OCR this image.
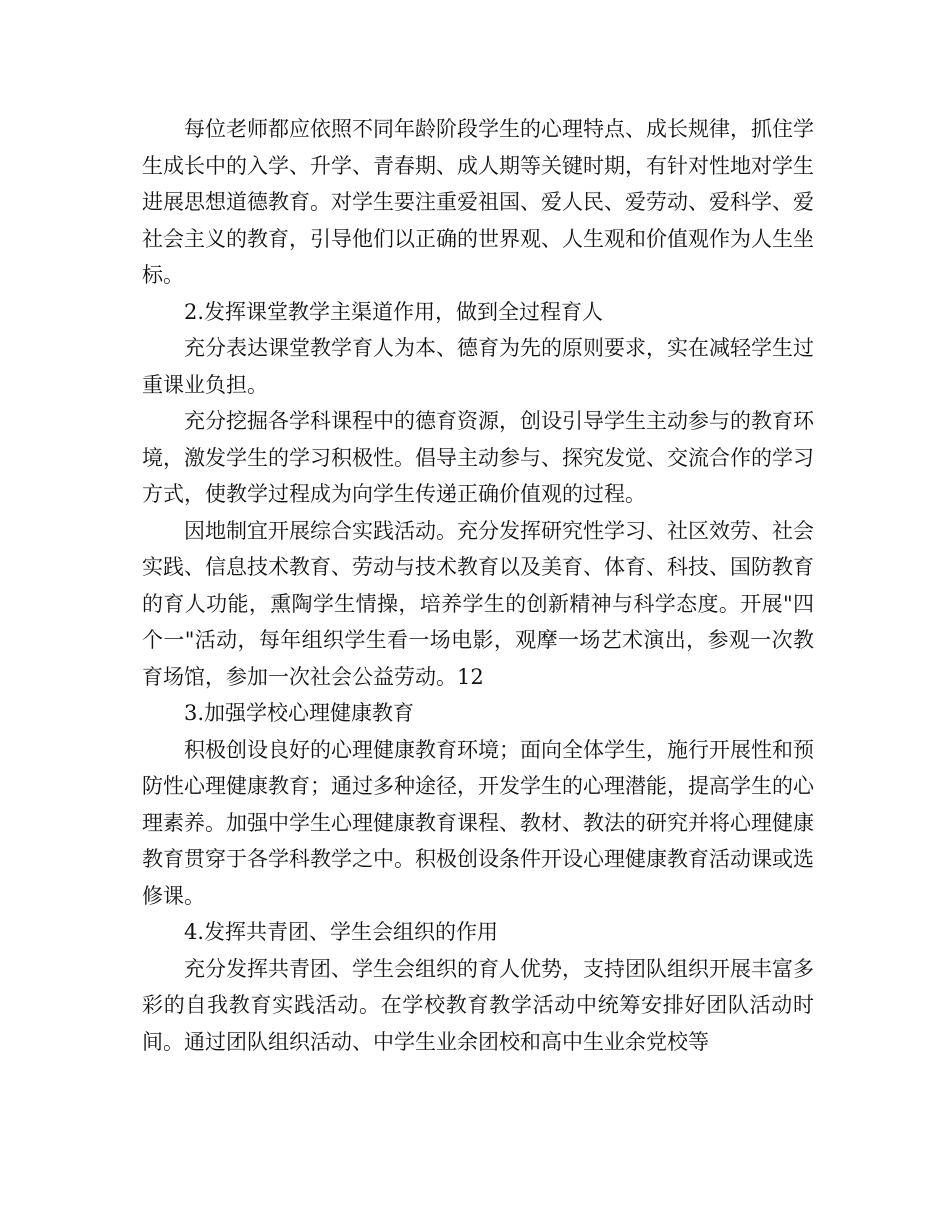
每位老师都应依照不同年龄阶段学生的心理特点、成长规律，抓住学生成长中的入学、升学、青春期、成人期等关键时期，有针对性地对学生进展思想道德教育。对学生要注重爱祖国、爱人民、爱劳动、爱科学、爱社会主义的教育，引导他们以正确的世界观、人生观和价值观作为人生坐标。

2.发挥课堂教学主渠道作用，做到全过程育人

充分表达课堂教学育人为本、德育为先的原则要求，实在减轻学生过重课业负担。

充分挖掘各学科课程中的德育资源，创设引导学生主动参与的教育环境，激发学生的学习积极性。倡导主动参与、探究发觉、交流合作的学习方式，使教学过程成为向学生传递正确价值观的过程。

因地制宜开展综合实践活动。充分发挥研究性学习、社区效劳、社会实践、信息技术教育、劳动与技术教育以及美育、体育、科技、国防教育的育人功能，熏陶学生情操，培养学生的创新精神与科学态度。开展"四个一"活动，每年组织学生看一场电影，观摩一场艺术演出，参观一次教育场馆，参加一次社会公益劳动。12

3.加强学校心理健康教育

积极创设良好的心理健康教育环境；面向全体学生，施行开展性和预防性心理健康教育；通过多种途径，开发学生的心理潜能，提高学生的心理素养。加强中学生心理健康教育课程、教材、教法的研究并将心理健康教育贯穿于各学科教学之中。积极创设条件开设心理健康教育活动课或选修课。

4.发挥共青团、学生会组织的作用

充分发挥共青团、学生会组织的育人优势，支持团队组织开展丰富多彩的自我教育实践活动。在学校教育教学活动中统筹安排好团队活动时间。通过团队组织活动、中学生业余团校和高中生业余党校等
